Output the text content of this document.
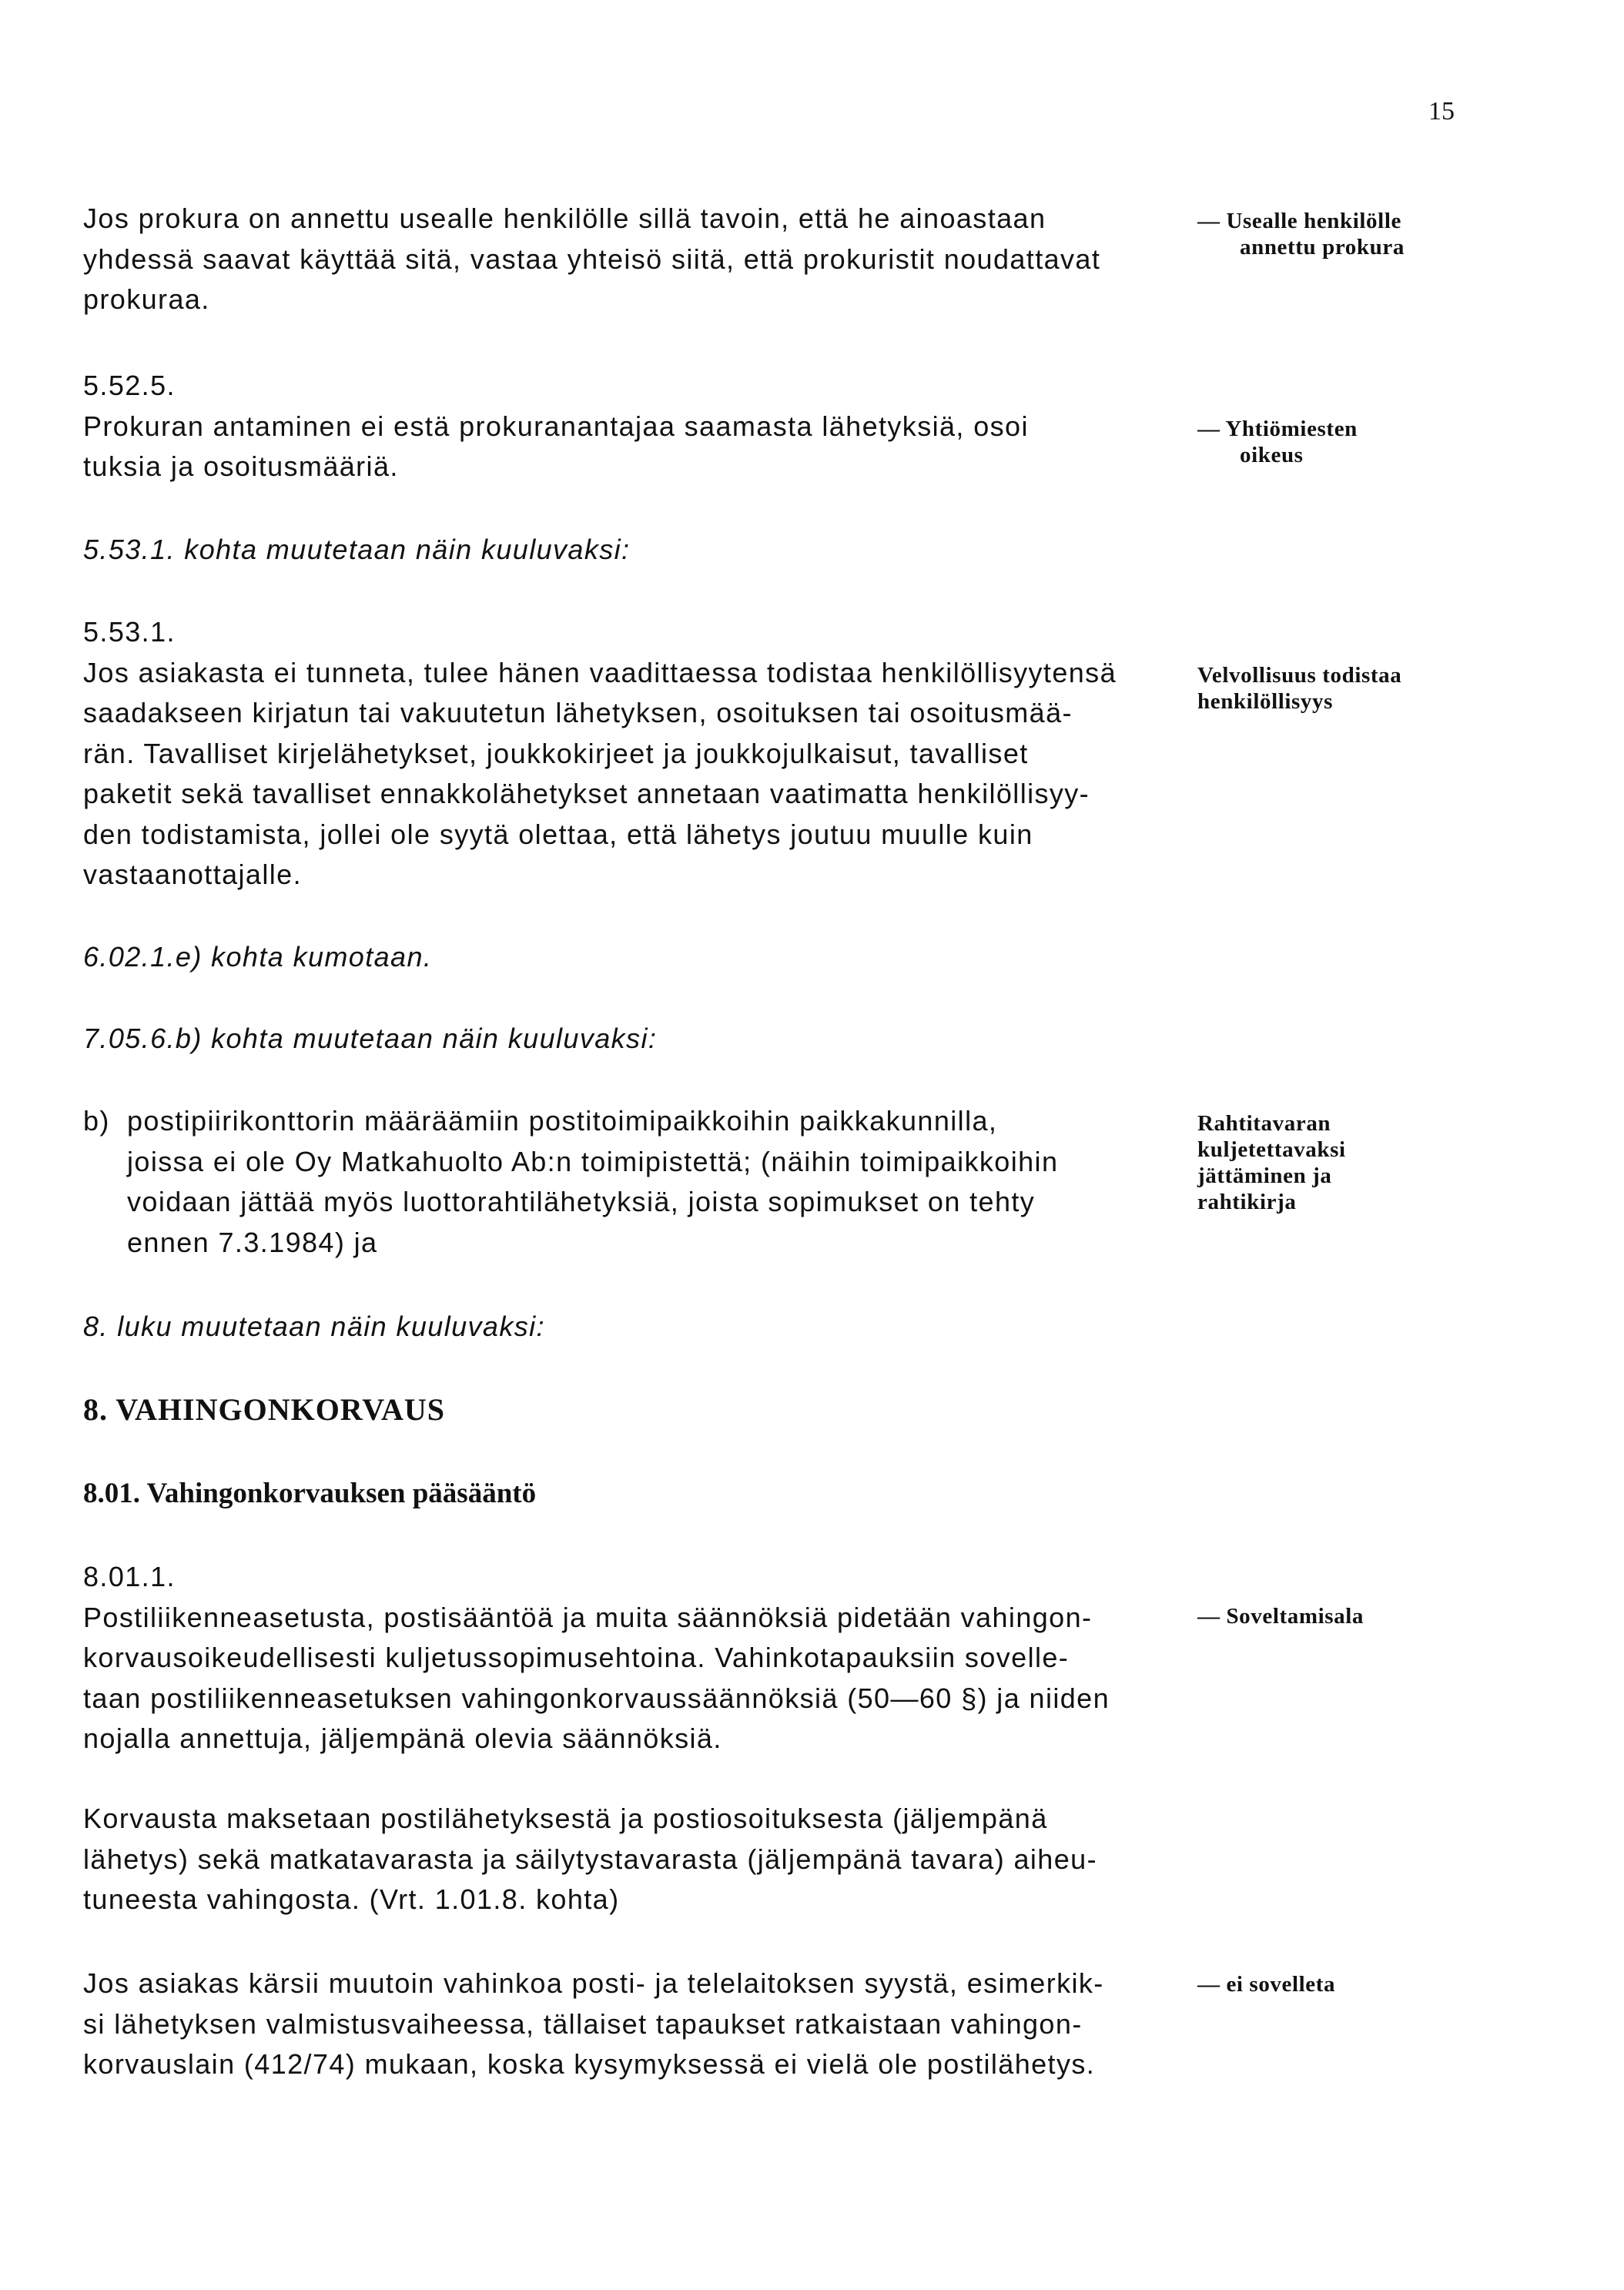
15

Jos prokura on annettu usealle henkilölle sillä tavoin, että he ainoastaan

yhdessä saavat käyttää sitä, vastaa yhteisö siitä, että prokuristit noudattavat

prokuraa.

5.52.5.

Prokuran antaminen ei estä prokuranantajaa saamasta lähetyksiä, osoi

tuksia ja osoitusmääriä.

5.53.1. kohta muutetaan näin kuuluvaksi:

5.53.1.

Jos asiakasta ei tunneta, tulee hänen vaadittaessa todistaa henkilöllisyytensä

saadakseen kirjatun tai vakuutetun lähetyksen, osoituksen tai osoitusmää-

rän. Tavalliset kirjelähetykset, joukkokirjeet ja joukkojulkaisut, tavalliset

paketit sekä tavalliset ennakkolähetykset annetaan vaatimatta henkilöllisyy-

den todistamista, jollei ole syytä olettaa, että lähetys joutuu muulle kuin

vastaanottajalle.

6.02.1.e) kohta kumotaan.

7.05.6.b) kohta muutetaan näin kuuluvaksi:

b) postipiirikonttorin määräämiin postitoimipaikkoihin paikkakunnilla,

joissa ei ole Oy Matkahuolto Ab:n toimipistettä; (näihin toimipaikkoihin

voidaan jättää myös luottorahtilähetyksiä, joista sopimukset on tehty

ennen 7.3.1984) ja

8. luku muutetaan näin kuuluvaksi:

8. VAHINGONKORVAUS
8.01. Vahingonkorvauksen pääsääntö

8.01.1.

Postiliikenneasetusta, postisääntöä ja muita säännöksiä pidetään vahingon-

korvausoikeudellisesti kuljetussopimusehtoina. Vahinkotapauksiin sovelle-

taan postiliikenneasetuksen vahingonkorvaussäännöksiä (50—60 §) ja niiden

nojalla annettuja, jäljempänä olevia säännöksiä.

Korvausta maksetaan postilähetyksestä ja postiosoituksesta (jäljempänä

lähetys) sekä matkatavarasta ja säilytystavarasta (jäljempänä tavara) aiheu-

tuneesta vahingosta. (Vrt. 1.01.8. kohta)

Jos asiakas kärsii muutoin vahinkoa posti- ja telelaitoksen syystä, esimerkik-

si lähetyksen valmistusvaiheessa, tällaiset tapaukset ratkaistaan vahingon-

korvauslain (412/74) mukaan, koska kysymyksessä ei vielä ole postilähetys.

— Usealle henkilölle
annettu prokura
— Yhtiömiesten
oikeus
Velvollisuus todistaa
henkilöllisyys
Rahtitavaran
kuljetettavaksi
jättäminen ja
rahtikirja
— Soveltamisala
— ei sovelleta
